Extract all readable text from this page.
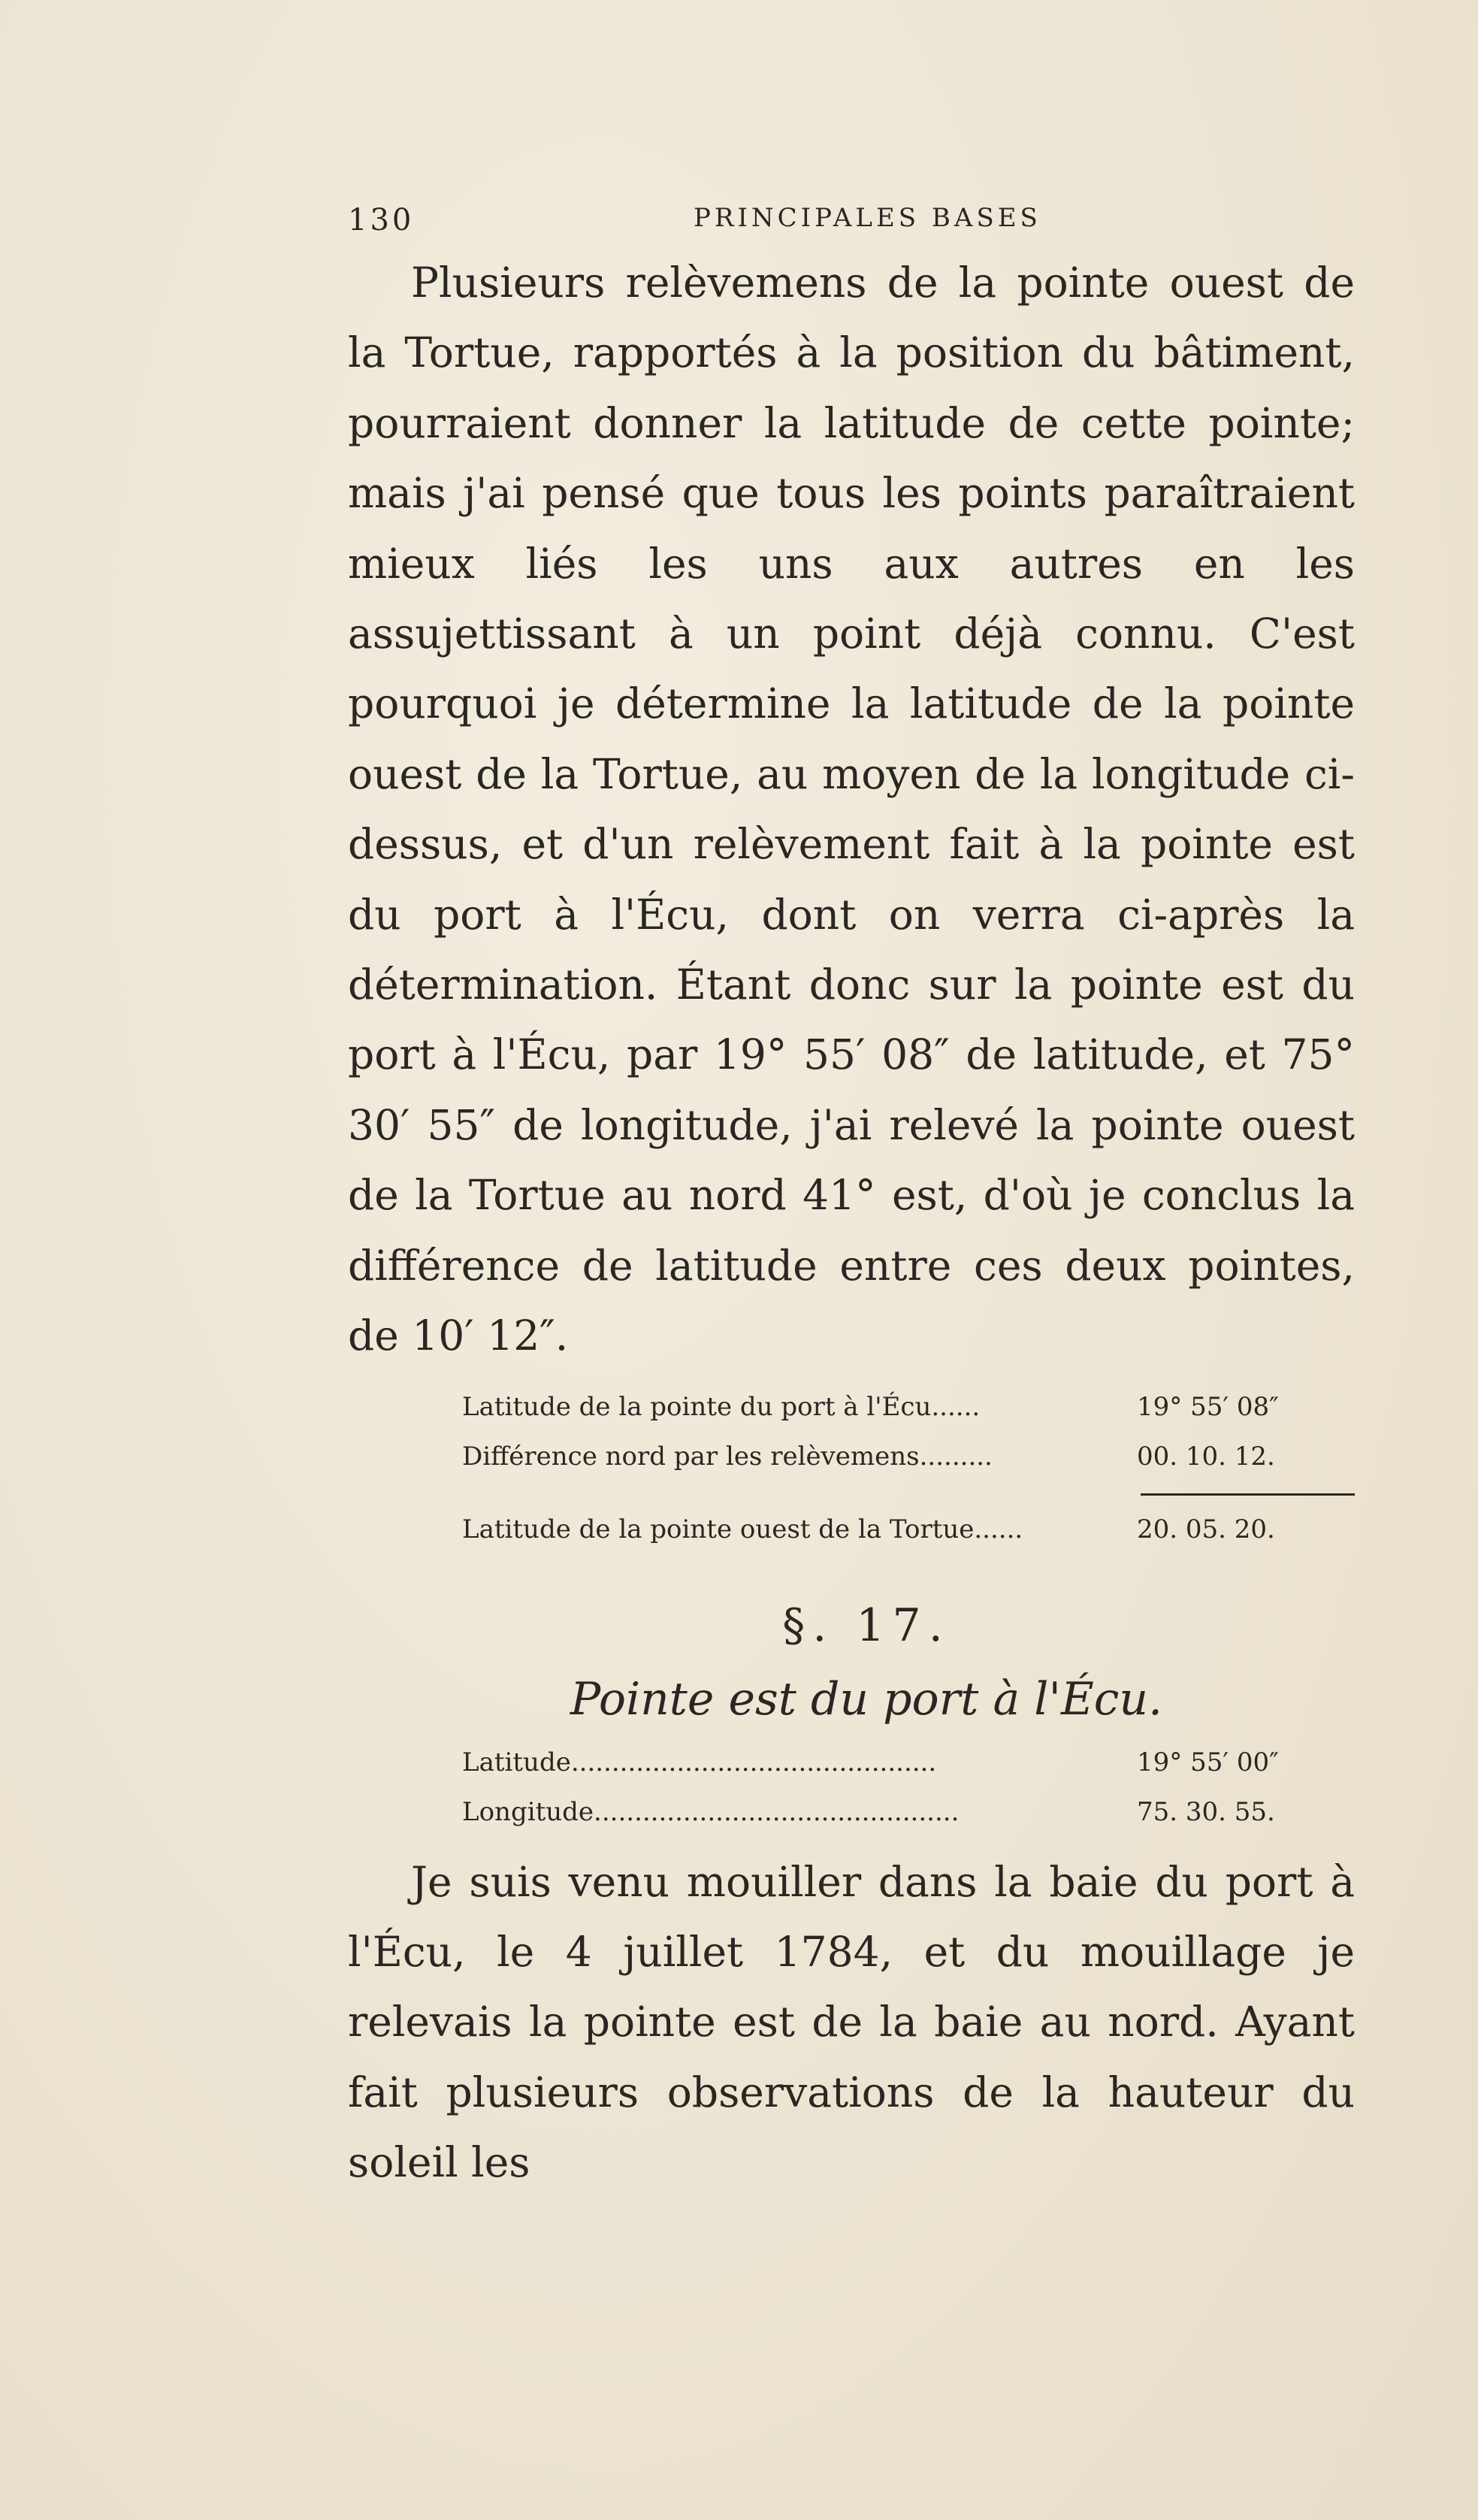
130	PRINCIPALES BASES

Plusieurs relèvemens de la pointe ouest de la Tortue, rapportés à la position du bâtiment, pourraient donner la latitude de cette pointe; mais j'ai pensé que tous les points paraîtraient mieux liés les uns aux autres en les assujettissant à un point déjà connu. C'est pourquoi je détermine la latitude de la pointe ouest de la Tortue, au moyen de la longitude ci-dessus, et d'un relèvement fait à la pointe est du port à l'Écu, dont on verra ci-après la détermination. Étant donc sur la pointe est du port à l'Écu, par 19° 55′ 08″ de latitude, et 75° 30′ 55″ de longitude, j'ai relevé la pointe ouest de la Tortue au nord 41° est, d'où je conclus la différence de latitude entre ces deux pointes, de 10′ 12″.

Latitude de la pointe du port à l'Écu......	19° 55′ 08″
Différence nord par les relèvemens.........	00. 10. 12.
Latitude de la pointe ouest de la Tortue......	20. 05. 20.
§. 17.
Pointe est du port à l'Écu.
Latitude.............................................	19° 55′ 00″
Longitude.............................................	75. 30. 55.

Je suis venu mouiller dans la baie du port à l'Écu, le 4 juillet 1784, et du mouillage je relevais la pointe est de la baie au nord. Ayant fait plusieurs observations de la hauteur du soleil les
